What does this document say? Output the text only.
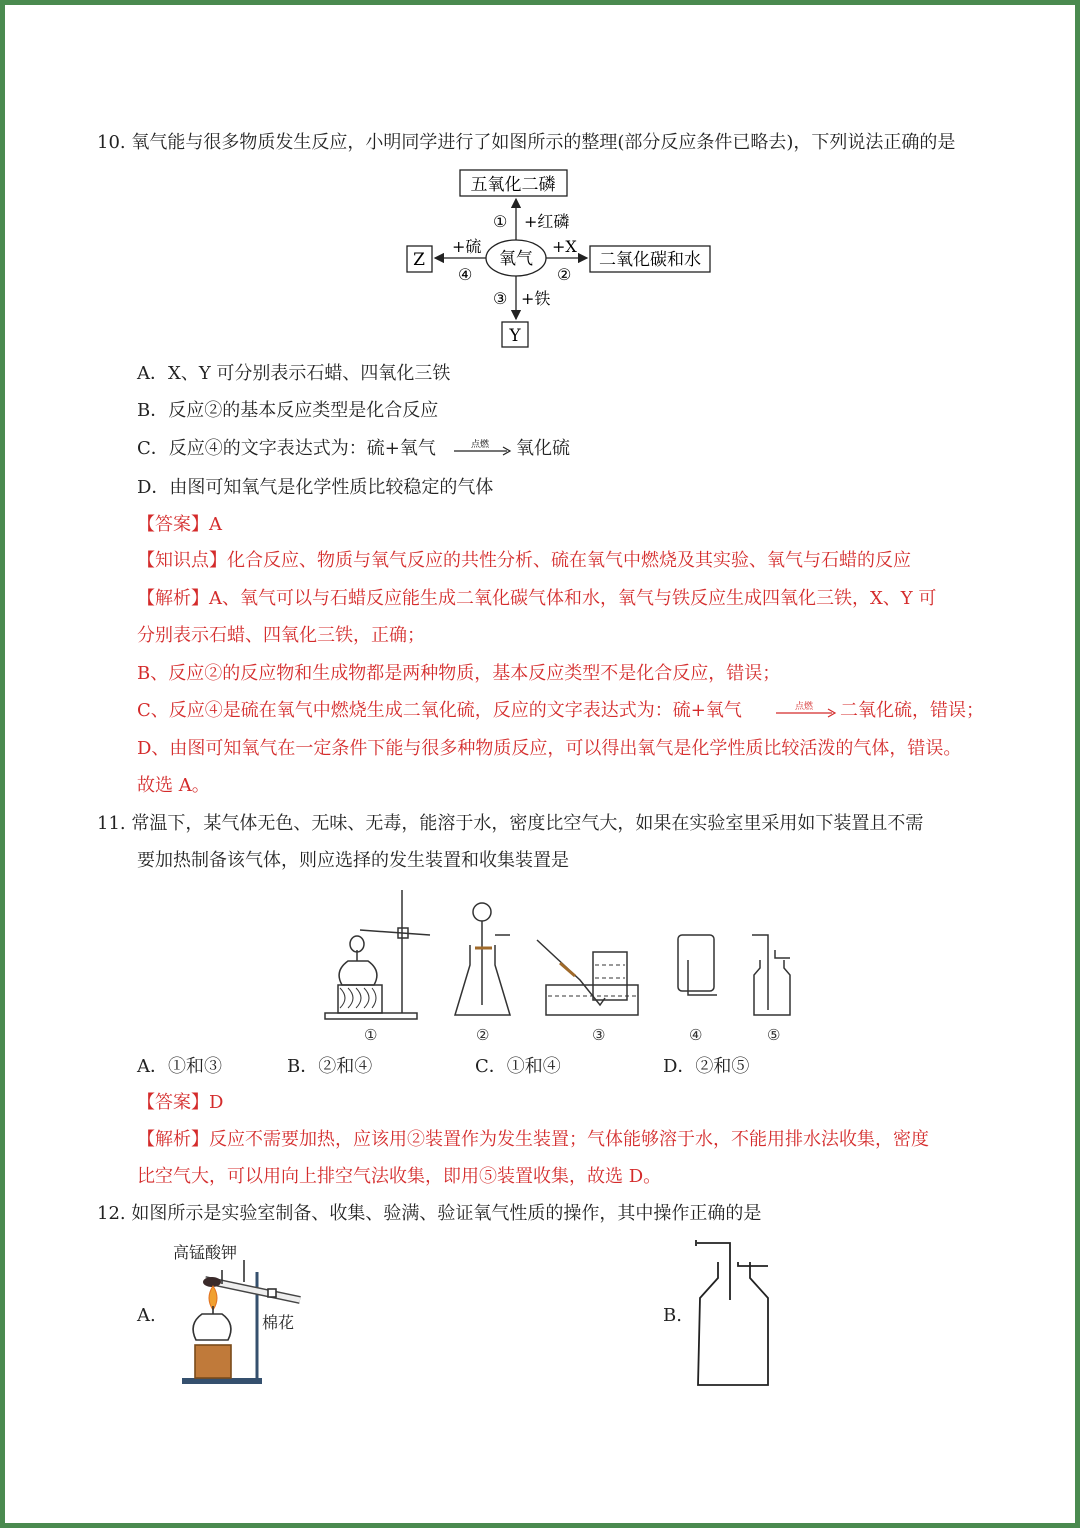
10. 氧气能与很多物质发生反应，小明同学进行了如图所示的整理(部分反应条件已略去)，下列说法正确的是
五氧化二磷
二氧化碳和水
Z
Y
氧气
+红磷
①
+X
②
+硫
④
③ +铁
A．X、Y 可分别表示石蜡、四氧化三铁
B．反应②的基本反应类型是化合反应
C．反应④的文字表达式为：硫+氧气	点燃 氧化硫
D．由图可知氧气是化学性质比较稳定的气体
【答案】A
【知识点】化合反应、物质与氧气反应的共性分析、硫在氧气中燃烧及其实验、氧气与石蜡的反应
【解析】A、氧气可以与石蜡反应能生成二氧化碳气体和水，氧气与铁反应生成四氧化三铁，X、Y 可
分别表示石蜡、四氧化三铁，正确；
B、反应②的反应物和生成物都是两种物质，基本反应类型不是化合反应，错误；
C、反应④是硫在氧气中燃烧生成二氧化硫，反应的文字表达式为：硫+氧气	点燃 二氧化硫，错误；
D、由图可知氧气在一定条件下能与很多种物质反应，可以得出氧气是化学性质比较活泼的气体，错误。
故选 A。
11. 常温下，某气体无色、无味、无毒，能溶于水，密度比空气大，如果在实验室里采用如下装置且不需
要加热制备该气体，则应选择的发生装置和收集装置是
①	②	③	④	⑤
A．①和③	B．②和④	C．①和④	D．②和⑤
【答案】D
【解析】反应不需要加热，应该用②装置作为发生装置；气体能够溶于水，不能用排水法收集，密度
比空气大，可以用向上排空气法收集，即用⑤装置收集，故选 D。
12. 如图所示是实验室制备、收集、验满、验证氧气性质的操作，其中操作正确的是
A.	B.
高锰酸钾
棉花
